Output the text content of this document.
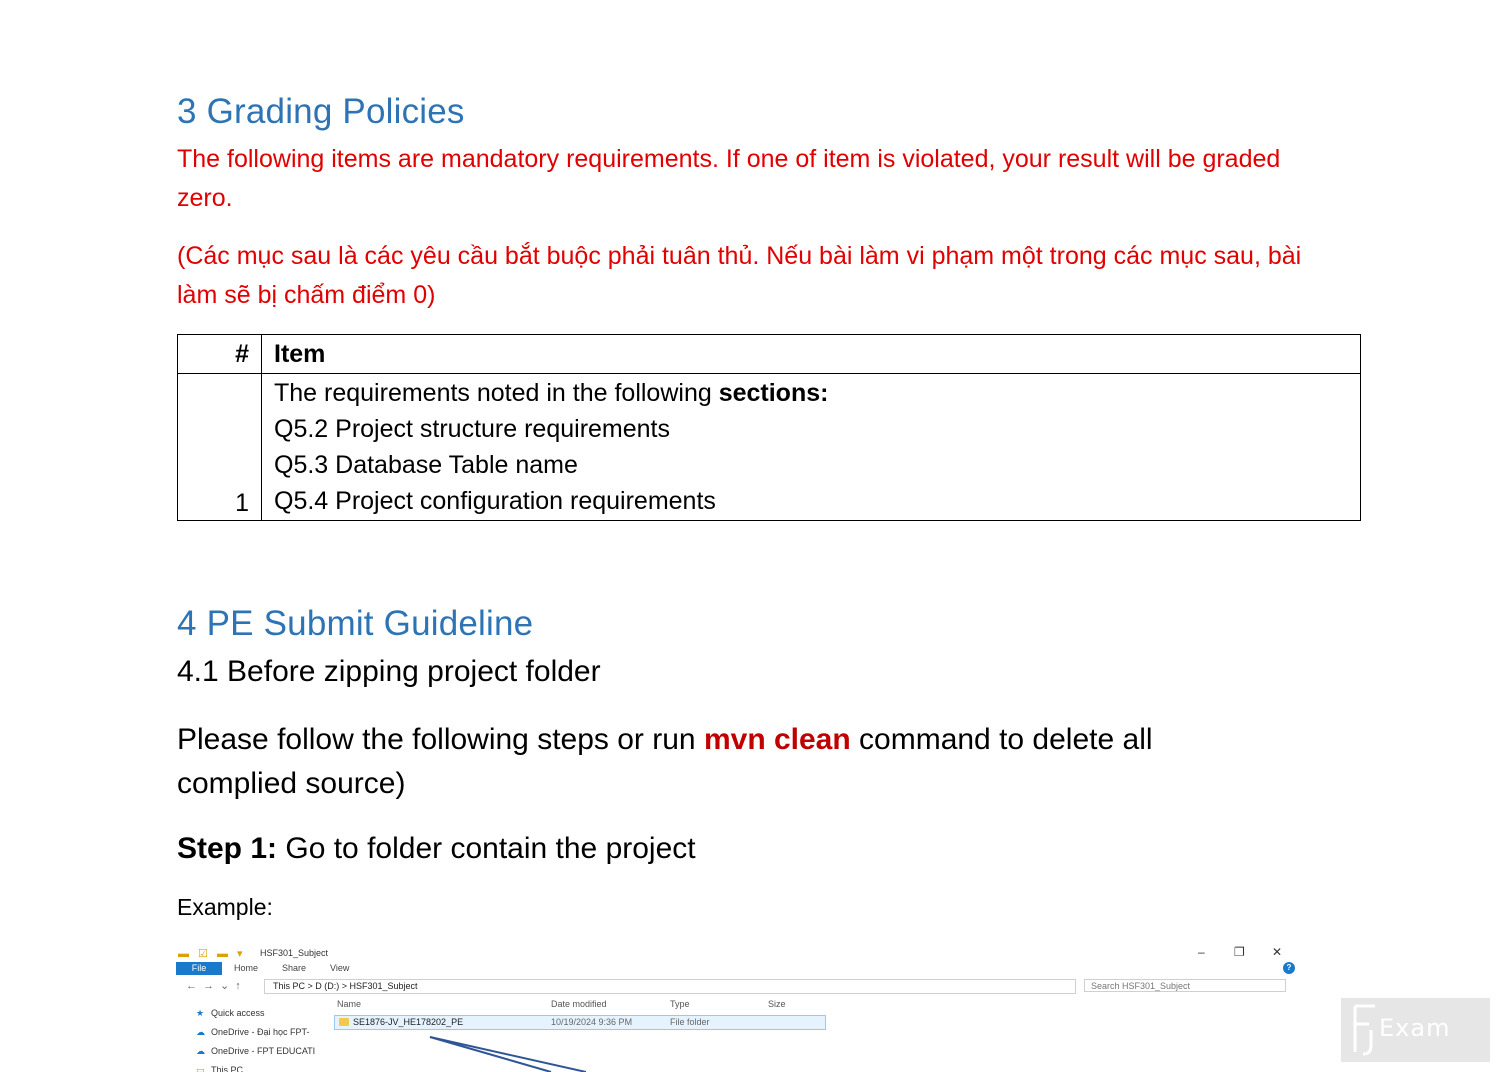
3 Grading Policies

The following items are mandatory requirements. If one of item is violated, your result will be graded zero.

(Các mục sau là các yêu cầu bắt buộc phải tuân thủ. Nếu bài làm vi phạm một trong các mục sau, bài làm sẽ bị chấm điểm 0)

#	Item
1	The requirements noted in the following sections:
Q5.2 Project structure requirements
Q5.3 Database Table name
Q5.4 Project configuration requirements
4 PE Submit Guideline
4.1 Before zipping project folder

Please follow the following steps or run mvn clean command to delete all complied source)

Step 1: Go to folder contain the project

Example:

▬ ☑ ▬ ▾ HSF301_Subject	– ❐ ✕
File	Home	Share	View	?
←→⌄↑	This PC > D (D:) > HSF301_Subject	Search HSF301_Subject
Name	Date modified	Type	Size
★ Quick access
☁ OneDrive - Đại học FPT-
☁ OneDrive - FPT EDUCATI
▭ This PC
SE1876-JV_HE178202_PE	10/19/2024 9:36 PM	File folder	Exam
